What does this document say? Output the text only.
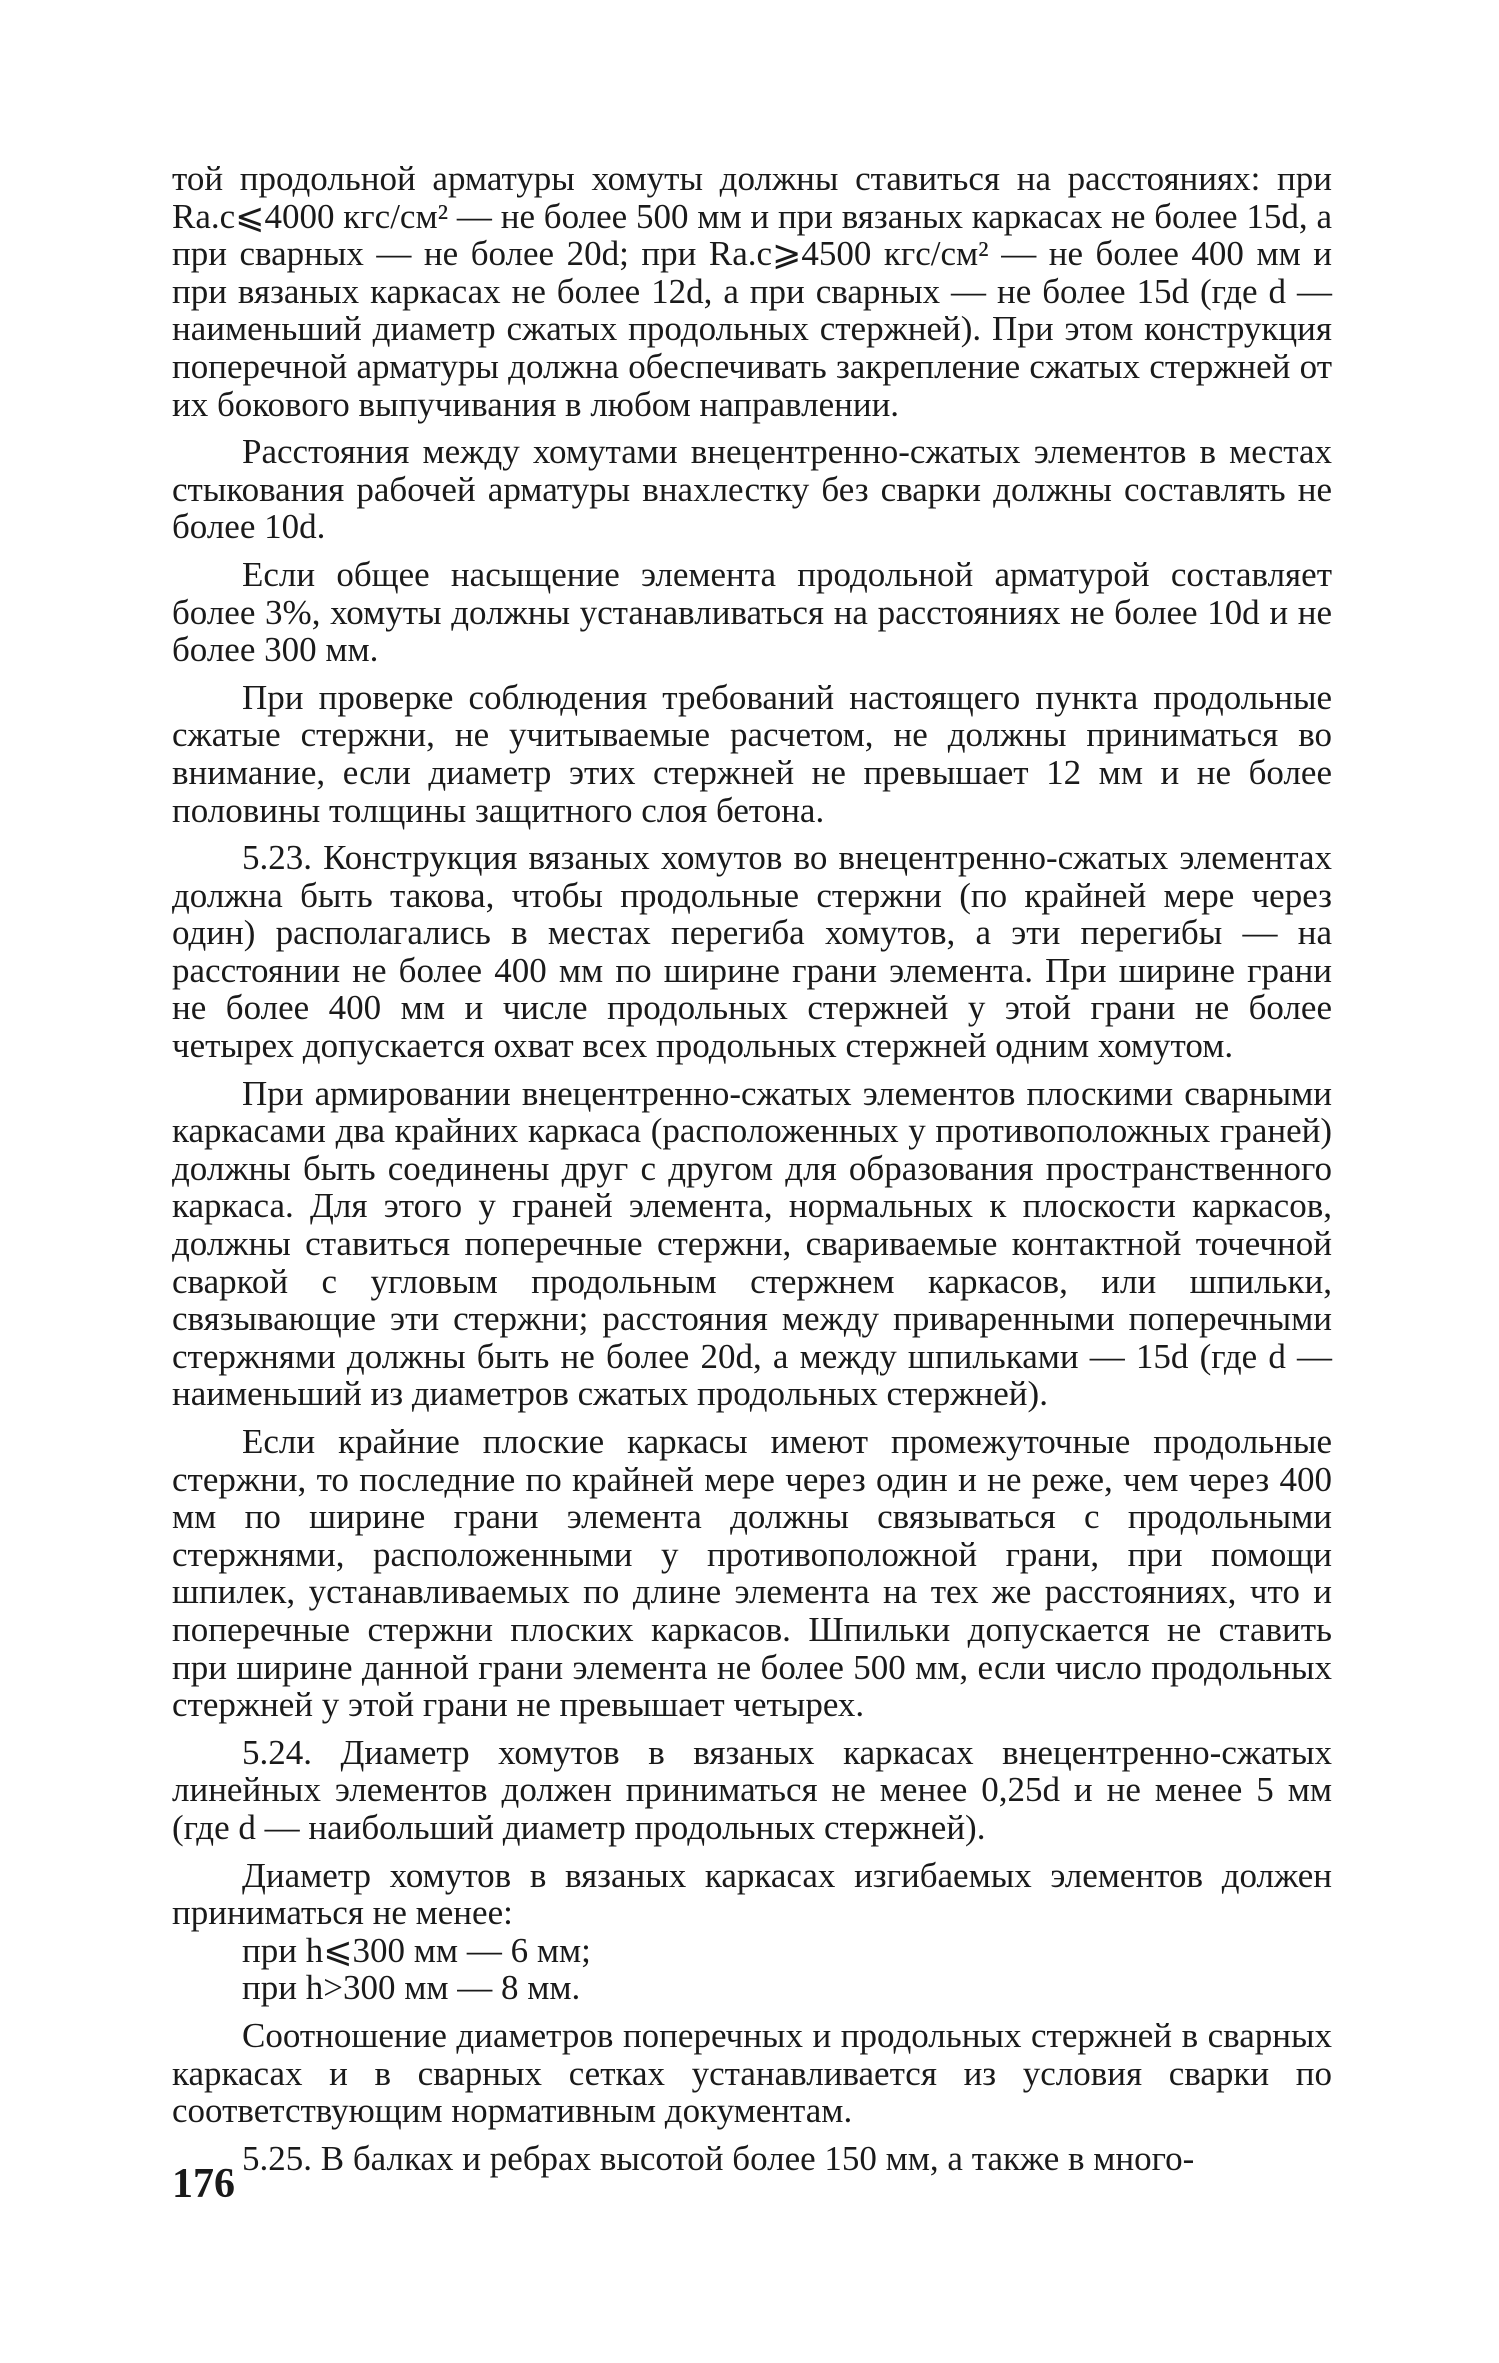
той продольной арматуры хомуты должны ставиться на расстояниях: при Rа.с⩽4000 кгс/см² — не более 500 мм и при вязаных каркасах не более 15d, а при сварных — не более 20d; при Rа.с⩾4500 кгс/см² — не более 400 мм и при вязаных каркасах не более 12d, а при сварных — не более 15d (где d — наименьший диаметр сжатых продольных стержней). При этом конструкция поперечной арматуры должна обеспечивать закрепление сжатых стержней от их бокового выпучивания в любом направлении.

Расстояния между хомутами внецентренно-сжатых элементов в местах стыкования рабочей арматуры внахлестку без сварки должны составлять не более 10d.

Если общее насыщение элемента продольной арматурой составляет более 3%, хомуты должны устанавливаться на расстояниях не более 10d и не более 300 мм.

При проверке соблюдения требований настоящего пункта продольные сжатые стержни, не учитываемые расчетом, не должны приниматься во внимание, если диаметр этих стержней не превышает 12 мм и не более половины толщины защитного слоя бетона.

5.23. Конструкция вязаных хомутов во внецентренно-сжатых элементах должна быть такова, чтобы продольные стержни (по крайней мере через один) располагались в местах перегиба хомутов, а эти перегибы — на расстоянии не более 400 мм по ширине грани элемента. При ширине грани не более 400 мм и числе продольных стержней у этой грани не более четырех допускается охват всех продольных стержней одним хомутом.

При армировании внецентренно-сжатых элементов плоскими сварными каркасами два крайних каркаса (расположенных у противоположных граней) должны быть соединены друг с другом для образования пространственного каркаса. Для этого у граней элемента, нормальных к плоскости каркасов, должны ставиться поперечные стержни, свариваемые контактной точечной сваркой с угловым продольным стержнем каркасов, или шпильки, связывающие эти стержни; расстояния между приваренными поперечными стержнями должны быть не более 20d, а между шпильками — 15d (где d — наименьший из диаметров сжатых продольных стержней).

Если крайние плоские каркасы имеют промежуточные продольные стержни, то последние по крайней мере через один и не реже, чем через 400 мм по ширине грани элемента должны связываться с продольными стержнями, расположенными у противоположной грани, при помощи шпилек, устанавливаемых по длине элемента на тех же расстояниях, что и поперечные стержни плоских каркасов. Шпильки допускается не ставить при ширине данной грани элемента не более 500 мм, если число продольных стержней у этой грани не превышает четырех.

5.24. Диаметр хомутов в вязаных каркасах внецентренно-сжатых линейных элементов должен приниматься не менее 0,25d и не менее 5 мм (где d — наибольший диаметр продольных стержней).

Диаметр хомутов в вязаных каркасах изгибаемых элементов должен приниматься не менее:

при h⩽300 мм — 6 мм;

при h>300 мм — 8 мм.

Соотношение диаметров поперечных и продольных стержней в сварных каркасах и в сварных сетках устанавливается из условия сварки по соответствующим нормативным документам.

5.25. В балках и ребрах высотой более 150 мм, а также в много-

176
